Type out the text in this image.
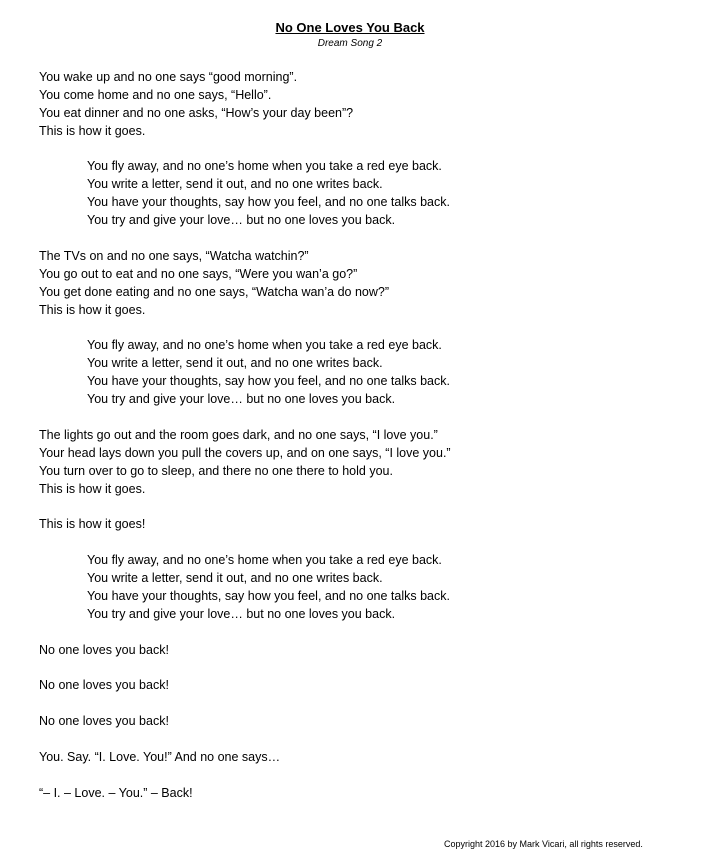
No One Loves You Back
Dream Song 2
You wake up and no one says “good morning”.
You come home and no one says, “Hello”.
You eat dinner and no one asks, “How’s your day been”?
This is how it goes.
You fly away, and no one’s home when you take a red eye back.
You write a letter, send it out, and no one writes back.
You have your thoughts, say how you feel, and no one talks back.
You try and give your love… but no one loves you back.
The TVs on and no one says, “Watcha watchin?”
You go out to eat and no one says, “Were you wan’a go?”
You get done eating and no one says, “Watcha wan’a do now?”
This is how it goes.
You fly away, and no one’s home when you take a red eye back.
You write a letter, send it out, and no one writes back.
You have your thoughts, say how you feel, and no one talks back.
You try and give your love… but no one loves you back.
The lights go out and the room goes dark, and no one says, “I love you.”
Your head lays down you pull the covers up, and on one says, “I love you.”
You turn over to go to sleep, and there no one there to hold you.
This is how it goes.
This is how it goes!
You fly away, and no one’s home when you take a red eye back.
You write a letter, send it out, and no one writes back.
You have your thoughts, say how you feel, and no one talks back.
You try and give your love… but no one loves you back.
No one loves you back!
No one loves you back!
No one loves you back!
You. Say. “I. Love. You!” And no one says…
“– I. – Love. – You.” – Back!
Copyright 2016 by Mark Vicari, all rights reserved.
